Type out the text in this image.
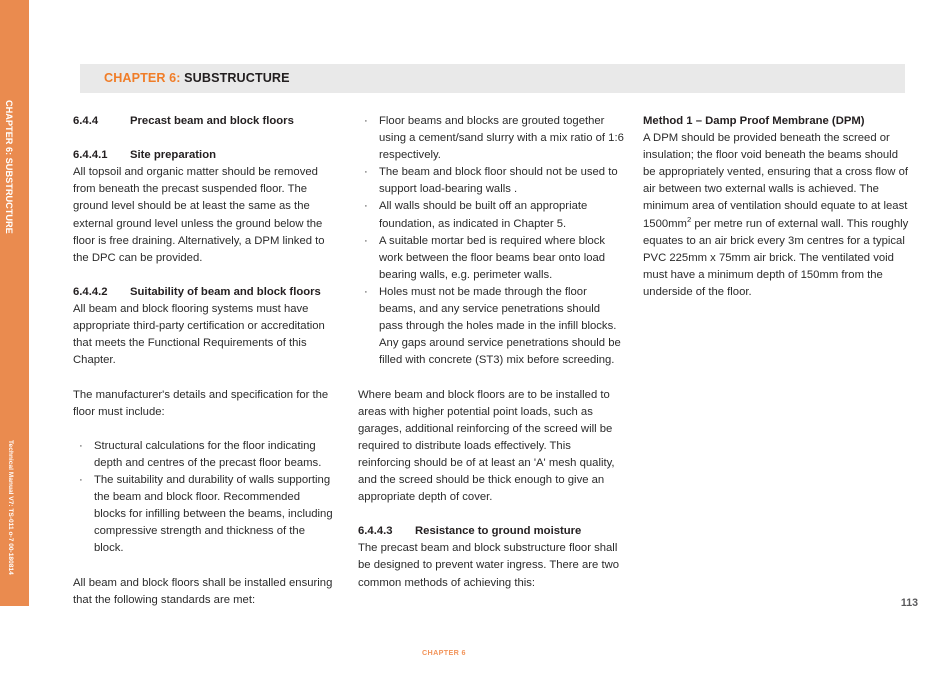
CHAPTER 6: SUBSTRUCTURE
Technical Manual V7: TS-011 o-7 00-180814
CHAPTER 6: SUBSTRUCTURE
6.4.4	Precast beam and block floors
6.4.4.1	Site preparation

All topsoil and organic matter should be removed from beneath the precast suspended floor. The ground level should be at least the same as the external ground level unless the ground below the floor is free draining. Alternatively, a DPM linked to the DPC can be provided.

6.4.4.2	Suitability of beam and block floors

All beam and block flooring systems must have appropriate third-party certification or accreditation that meets the Functional Requirements of this Chapter.

The manufacturer's details and specification for the floor must include:

· Structural calculations for the floor indicating depth and centres of the precast floor beams.
· The suitability and durability of walls supporting the beam and block floor. Recommended blocks for infilling between the beams, including compressive strength and thickness of the block.

All beam and block floors shall be installed ensuring that the following standards are met:

· Floor beams and blocks are grouted together using a cement/sand slurry with a mix ratio of 1:6 respectively.
· The beam and block floor should not be used to support load-bearing walls .
· All walls should be built off an appropriate foundation, as indicated in Chapter 5.
· A suitable mortar bed is required where block work between the floor beams bear onto load bearing walls, e.g. perimeter walls.
· Holes must not be made through the floor beams, and any service penetrations should pass through the holes made in the infill blocks. Any gaps around service penetrations should be filled with concrete (ST3) mix before screeding.

Where beam and block floors are to be installed to areas with higher potential point loads, such as garages, additional reinforcing of the screed will be required to distribute loads effectively. This reinforcing should be of at least an 'A' mesh quality, and the screed should be thick enough to give an appropriate depth of cover.

6.4.4.3	Resistance to ground moisture

The precast beam and block substructure floor shall be designed to prevent water ingress. There are two common methods of achieving this:

Method 1 – Damp Proof Membrane (DPM)

A DPM should be provided beneath the screed or insulation; the floor void beneath the beams should be appropriately vented, ensuring that a cross flow of air between two external walls is achieved. The minimum area of ventilation should equate to at least $1500mm^2$ per metre run of external wall. This roughly equates to an air brick every 3m centres for a typical PVC 225mm x 75mm air brick. The ventilated void must have a minimum depth of 150mm from the underside of the floor.

113
CHAPTER 6
